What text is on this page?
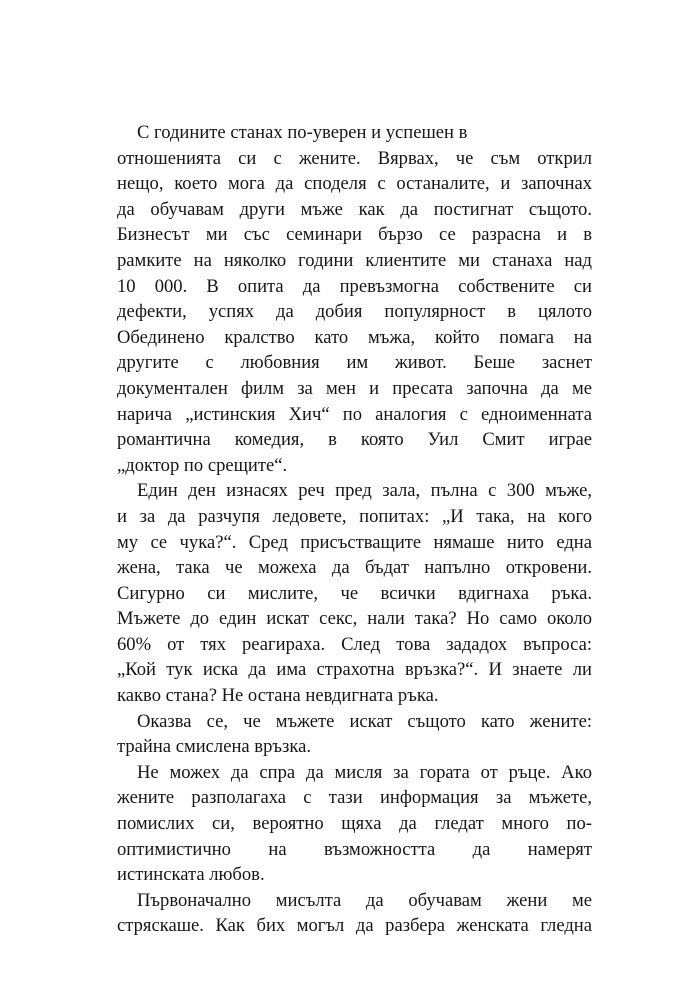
С годините станах по-уверен и успешен в
отношенията си с жените. Вярвах, че съм открил
нещо, което мога да споделя с останалите, и започнах
да обучавам други мъже как да постигнат същото.
Бизнесът ми със семинари бързо се разрасна и в
рамките на няколко години клиентите ми станаха над
10 000. В опита да превъзмогна собствените си
дефекти, успях да добия популярност в цялото
Обединено кралство като мъжа, който помага на
другите с любовния им живот. Беше заснет
документален филм за мен и пресата започна да ме
нарича „истинския Хич“ по аналогия с едноименната
романтична комедия, в която Уил Смит играе
„доктор по срещите“.
Един ден изнасях реч пред зала, пълна с 300 мъже,
и за да разчупя ледовете, попитах: „И така, на кого
му се чука?“. Сред присъстващите нямаше нито една
жена, така че можеха да бъдат напълно откровени.
Сигурно си мислите, че всички вдигнаха ръка.
Мъжете до един искат секс, нали така? Но само около
60% от тях реагираха. След това зададох въпроса:
„Кой тук иска да има страхотна връзка?“. И знаете ли
какво стана? Не остана невдигната ръка.
Оказва се, че мъжете искат същото като жените:
трайна смислена връзка.
Не можех да спра да мисля за гората от ръце. Ако
жените разполагаха с тази информация за мъжете,
помислих си, вероятно щяха да гледат много по-
оптимистично на възможността да намерят
истинската любов.
Първоначално мисълта да обучавам жени ме
стряскаше. Как бих могъл да разбера женската гледна
